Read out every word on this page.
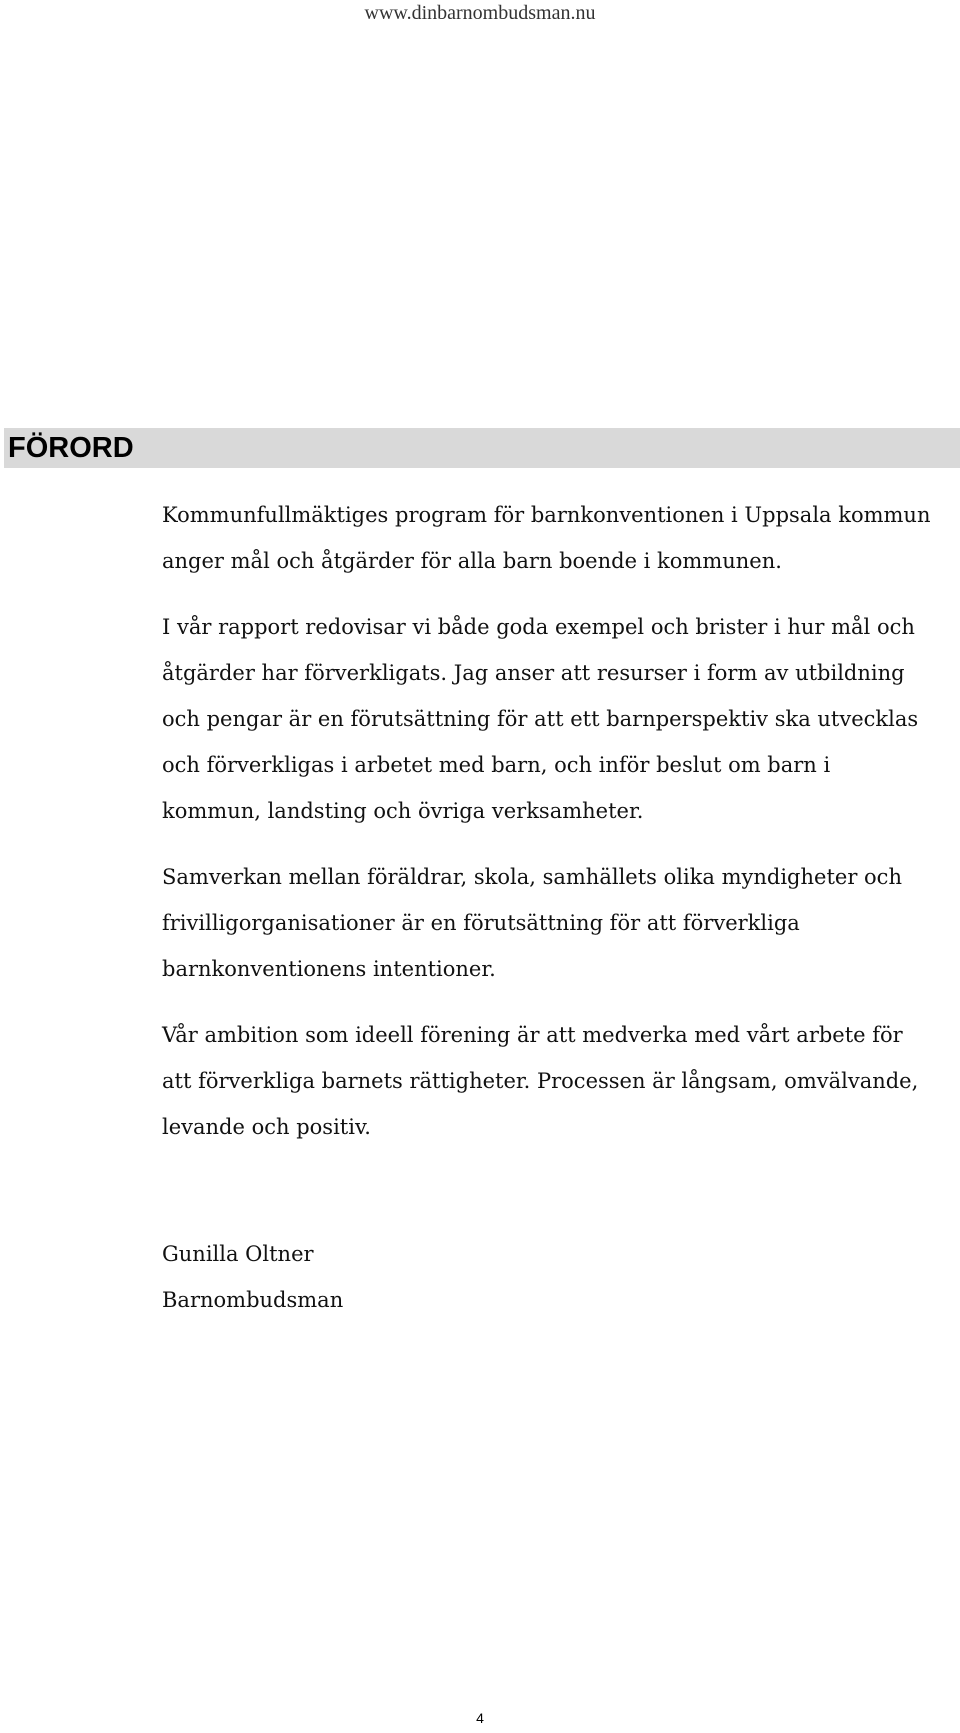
www.dinbarnombudsman.nu
FÖRORD

Kommunfullmäktiges program för barnkonventionen i Uppsala kommun anger mål och åtgärder för alla barn boende i kommunen.

I vår rapport redovisar vi både goda exempel och brister i hur mål och åtgärder har förverkligats. Jag anser att resurser i form av utbildning och pengar är en förutsättning för att ett barnperspektiv ska utvecklas och förverkligas i arbetet med barn, och inför beslut om barn i kommun, landsting och övriga verksamheter.

Samverkan mellan föräldrar, skola, samhällets olika myndigheter och frivilligorganisationer är en förutsättning för att förverkliga barnkonventionens intentioner.

Vår ambition som ideell förening är att medverka med vårt arbete för att förverkliga barnets rättigheter. Processen är långsam, omvälvande, levande och positiv.

Gunilla Oltner
Barnombudsman
4
